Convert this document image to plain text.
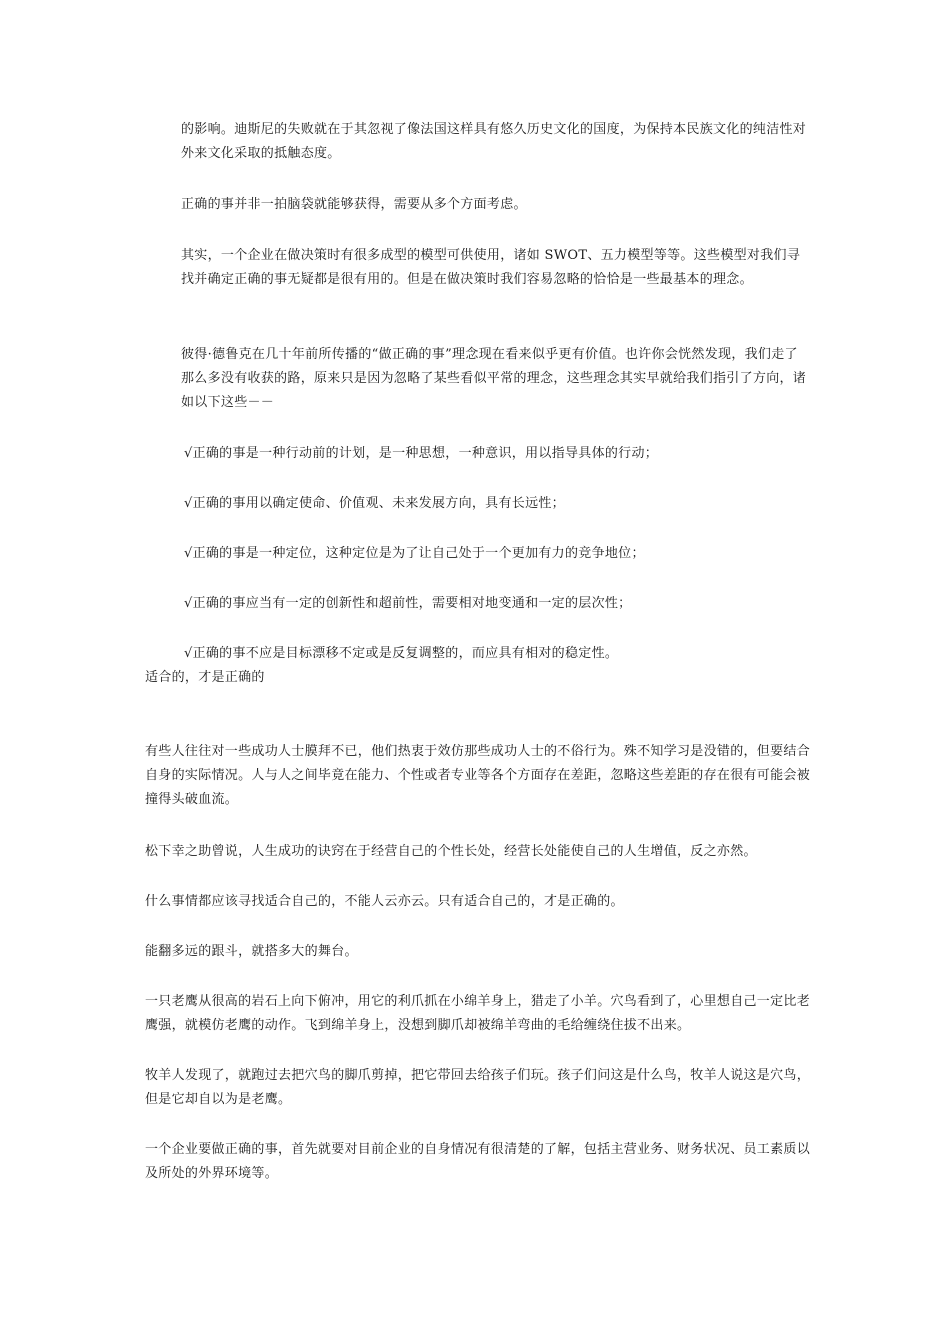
的影响。迪斯尼的失败就在于其忽视了像法国这样具有悠久历史文化的国度，为保持本民族文化的纯洁性对外来文化采取的抵触态度。

正确的事并非一拍脑袋就能够获得，需要从多个方面考虑。

其实，一个企业在做决策时有很多成型的模型可供使用，诸如 SWOT、五力模型等等。这些模型对我们寻找并确定正确的事无疑都是很有用的。但是在做决策时我们容易忽略的恰恰是一些最基本的理念。

彼得·德鲁克在几十年前所传播的“做正确的事”理念现在看来似乎更有价值。也许你会恍然发现，我们走了那么多没有收获的路，原来只是因为忽略了某些看似平常的理念，这些理念其实早就给我们指引了方向，诸如以下这些－－

√正确的事是一种行动前的计划，是一种思想，一种意识，用以指导具体的行动；
√正确的事用以确定使命、价值观、未来发展方向，具有长远性；
√正确的事是一种定位，这种定位是为了让自己处于一个更加有力的竞争地位；
√正确的事应当有一定的创新性和超前性，需要相对地变通和一定的层次性；
√正确的事不应是目标漂移不定或是反复调整的，而应具有相对的稳定性。
适合的，才是正确的

有些人往往对一些成功人士膜拜不已，他们热衷于效仿那些成功人士的不俗行为。殊不知学习是没错的，但要结合自身的实际情况。人与人之间毕竟在能力、个性或者专业等各个方面存在差距，忽略这些差距的存在很有可能会被撞得头破血流。

松下幸之助曾说，人生成功的诀窍在于经营自己的个性长处，经营长处能使自己的人生增值，反之亦然。

什么事情都应该寻找适合自己的，不能人云亦云。只有适合自己的，才是正确的。

能翻多远的跟斗，就搭多大的舞台。

一只老鹰从很高的岩石上向下俯冲，用它的利爪抓在小绵羊身上，猎走了小羊。穴鸟看到了，心里想自己一定比老鹰强，就模仿老鹰的动作。飞到绵羊身上，没想到脚爪却被绵羊弯曲的毛给缠绕住拔不出来。

牧羊人发现了，就跑过去把穴鸟的脚爪剪掉，把它带回去给孩子们玩。孩子们问这是什么鸟，牧羊人说这是穴鸟，但是它却自以为是老鹰。

一个企业要做正确的事，首先就要对目前企业的自身情况有很清楚的了解，包括主营业务、财务状况、员工素质以及所处的外界环境等。
